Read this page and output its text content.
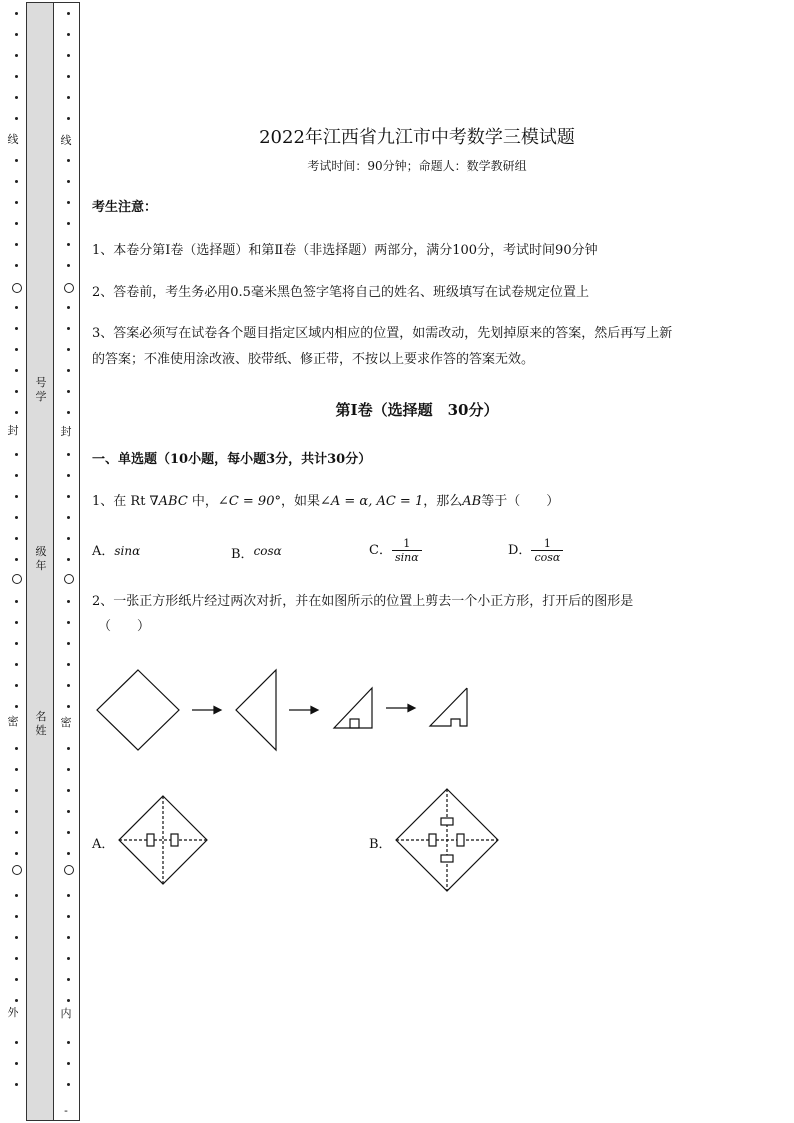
线
封
密
外
号
学
级
年
名
姓
线
封
密
内
-
2022年江西省九江市中考数学三模试题
考试时间：90分钟；命题人：数学教研组
考生注意：
1、本卷分第I卷（选择题）和第Ⅱ卷（非选择题）两部分，满分100分，考试时间90分钟
2、答卷前，考生务必用0.5毫米黑色签字笔将自己的姓名、班级填写在试卷规定位置上
3、答案必须写在试卷各个题目指定区域内相应的位置，如需改动，先划掉原来的答案，然后再写上新
的答案；不准使用涂改液、胶带纸、修正带，不按以上要求作答的答案无效。
第I卷（选择题　30分）
一、单选题（10小题，每小题3分，共计30分）
1、在 Rt ∇ABC 中，∠C = 90°，如果∠A = α, AC = 1，那么AB等于（　　）
A．sinα	B．cosα	C． $\frac{1}{\sin\alpha}$	D． $\frac{1}{\cos\alpha}$
2、一张正方形纸片经过两次对折，并在如图所示的位置上剪去一个小正方形，打开后的图形是
（　　）
A．	B．
